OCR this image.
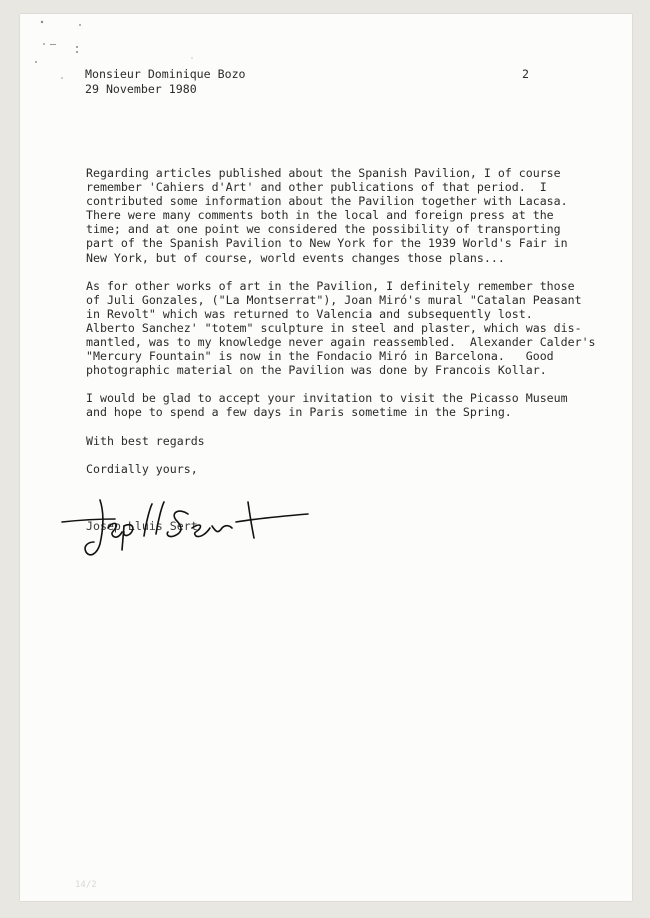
Monsieur Dominique Bozo
29 November 1980
2
Regarding articles published about the Spanish Pavilion, I of course
remember 'Cahiers d'Art' and other publications of that period.  I
contributed some information about the Pavilion together with Lacasa.
There were many comments both in the local and foreign press at the
time; and at one point we considered the possibility of transporting
part of the Spanish Pavilion to New York for the 1939 World's Fair in
New York, but of course, world events changes those plans...
As for other works of art in the Pavilion, I definitely remember those
of Juli Gonzales, ("La Montserrat"), Joan Miró's mural "Catalan Peasant
in Revolt" which was returned to Valencia and subsequently lost.
Alberto Sanchez' "totem" sculpture in steel and plaster, which was dis-
mantled, was to my knowledge never again reassembled.  Alexander Calder's
"Mercury Fountain" is now in the Fondacio Miró in Barcelona.   Good
photographic material on the Pavilion was done by Francois Kollar.
I would be glad to accept your invitation to visit the Picasso Museum
and hope to spend a few days in Paris sometime in the Spring.
With best regards
Cordially yours,
Josep Lluis Sert
14/2
